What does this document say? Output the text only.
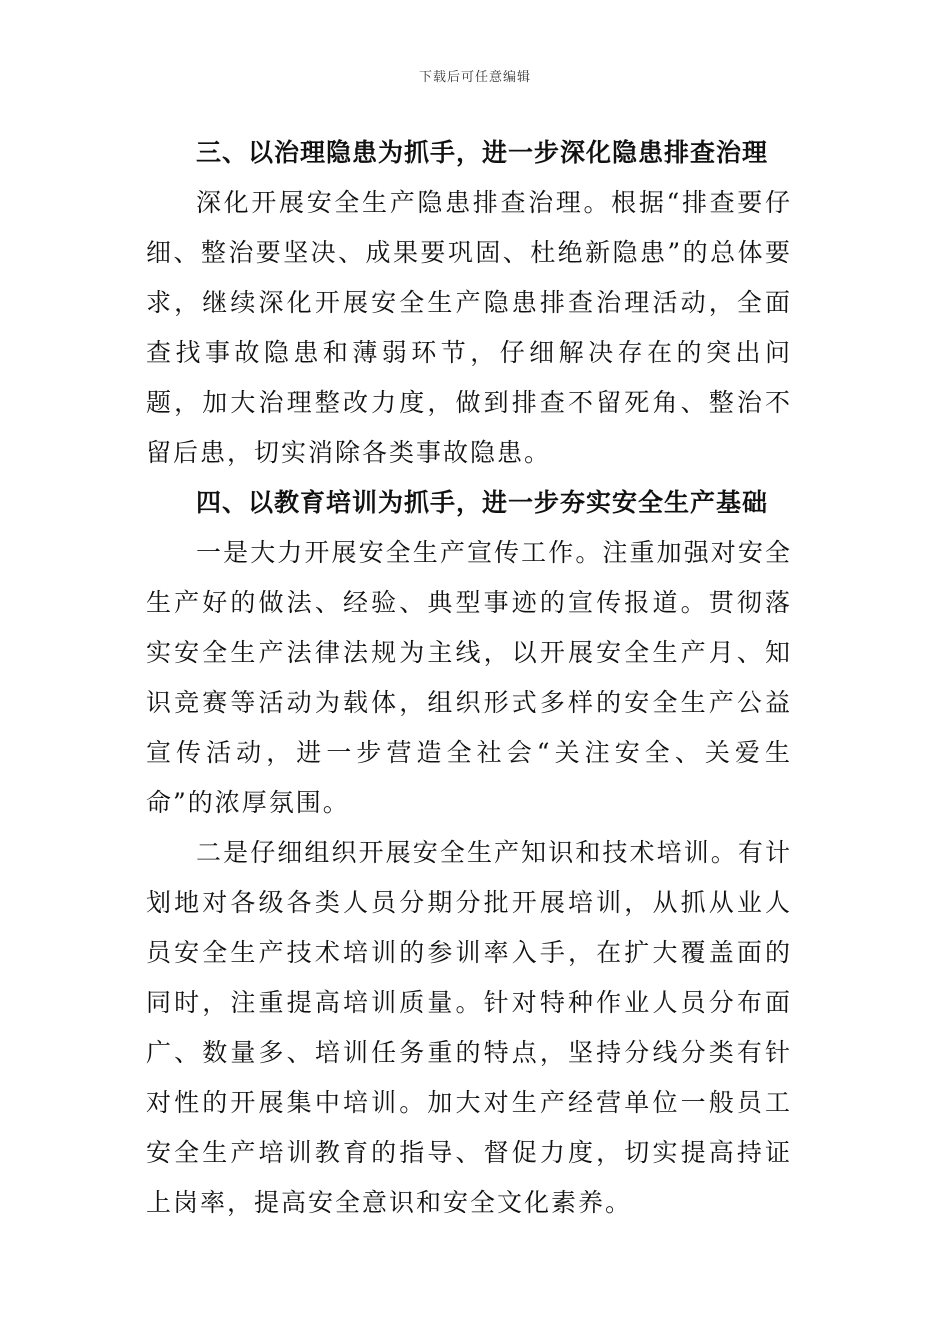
下载后可任意编辑
三、以治理隐患为抓手，进一步深化隐患排查治理

深化开展安全生产隐患排查治理。根据“排查要仔细、整治要坚决、成果要巩固、杜绝新隐患”的总体要求，继续深化开展安全生产隐患排查治理活动，全面查找事故隐患和薄弱环节，仔细解决存在的突出问题，加大治理整改力度，做到排查不留死角、整治不留后患，切实消除各类事故隐患。

四、以教育培训为抓手，进一步夯实安全生产基础

一是大力开展安全生产宣传工作。注重加强对安全生产好的做法、经验、典型事迹的宣传报道。贯彻落实安全生产法律法规为主线，以开展安全生产月、知识竞赛等活动为载体，组织形式多样的安全生产公益宣传活动，进一步营造全社会“关注安全、关爱生命”的浓厚氛围。

二是仔细组织开展安全生产知识和技术培训。有计划地对各级各类人员分期分批开展培训，从抓从业人员安全生产技术培训的参训率入手，在扩大覆盖面的同时，注重提高培训质量。针对特种作业人员分布面广、数量多、培训任务重的特点，坚持分线分类有针对性的开展集中培训。加大对生产经营单位一般员工安全生产培训教育的指导、督促力度，切实提高持证上岗率，提高安全意识和安全文化素养。
